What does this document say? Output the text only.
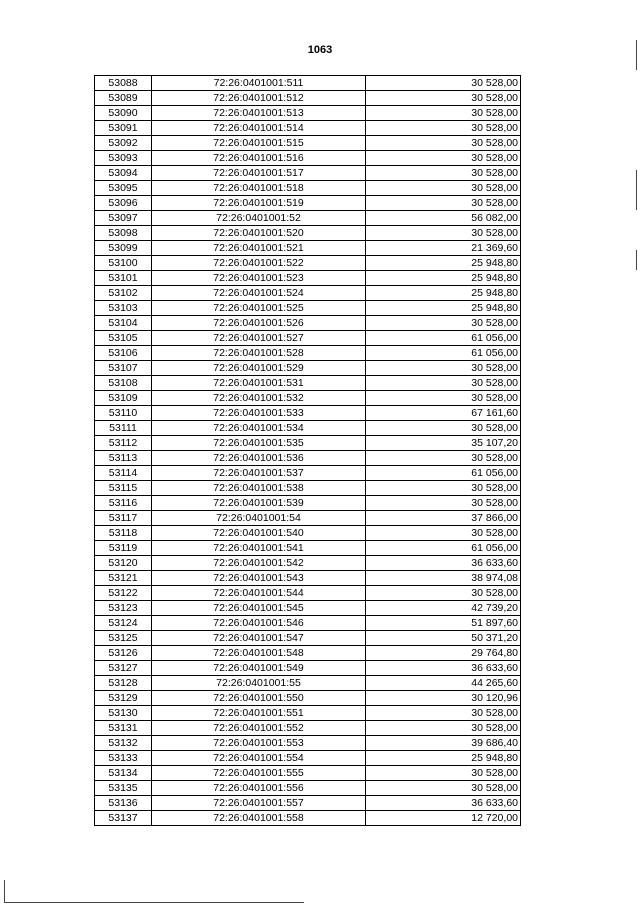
1063
53088	72:26:0401001:511	30 528,00
53089	72:26:0401001:512	30 528,00
53090	72:26:0401001:513	30 528,00
53091	72:26:0401001:514	30 528,00
53092	72:26:0401001:515	30 528,00
53093	72:26:0401001:516	30 528,00
53094	72:26:0401001:517	30 528,00
53095	72:26:0401001:518	30 528,00
53096	72:26:0401001:519	30 528,00
53097	72:26:0401001:52	56 082,00
53098	72:26:0401001:520	30 528,00
53099	72:26:0401001:521	21 369,60
53100	72:26:0401001:522	25 948,80
53101	72:26:0401001:523	25 948,80
53102	72:26:0401001:524	25 948,80
53103	72:26:0401001:525	25 948,80
53104	72:26:0401001:526	30 528,00
53105	72:26:0401001:527	61 056,00
53106	72:26:0401001:528	61 056,00
53107	72:26:0401001:529	30 528,00
53108	72:26:0401001:531	30 528,00
53109	72:26:0401001:532	30 528,00
53110	72:26:0401001:533	67 161,60
53111	72:26:0401001:534	30 528,00
53112	72:26:0401001:535	35 107,20
53113	72:26:0401001:536	30 528,00
53114	72:26:0401001:537	61 056,00
53115	72:26:0401001:538	30 528,00
53116	72:26:0401001:539	30 528,00
53117	72:26:0401001:54	37 866,00
53118	72:26:0401001:540	30 528,00
53119	72:26:0401001:541	61 056,00
53120	72:26:0401001:542	36 633,60
53121	72:26:0401001:543	38 974,08
53122	72:26:0401001:544	30 528,00
53123	72:26:0401001:545	42 739,20
53124	72:26:0401001:546	51 897,60
53125	72:26:0401001:547	50 371,20
53126	72:26:0401001:548	29 764,80
53127	72:26:0401001:549	36 633,60
53128	72:26:0401001:55	44 265,60
53129	72:26:0401001:550	30 120,96
53130	72:26:0401001:551	30 528,00
53131	72:26:0401001:552	30 528,00
53132	72:26:0401001:553	39 686,40
53133	72:26:0401001:554	25 948,80
53134	72:26:0401001:555	30 528,00
53135	72:26:0401001:556	30 528,00
53136	72:26:0401001:557	36 633,60
53137	72:26:0401001:558	12 720,00
